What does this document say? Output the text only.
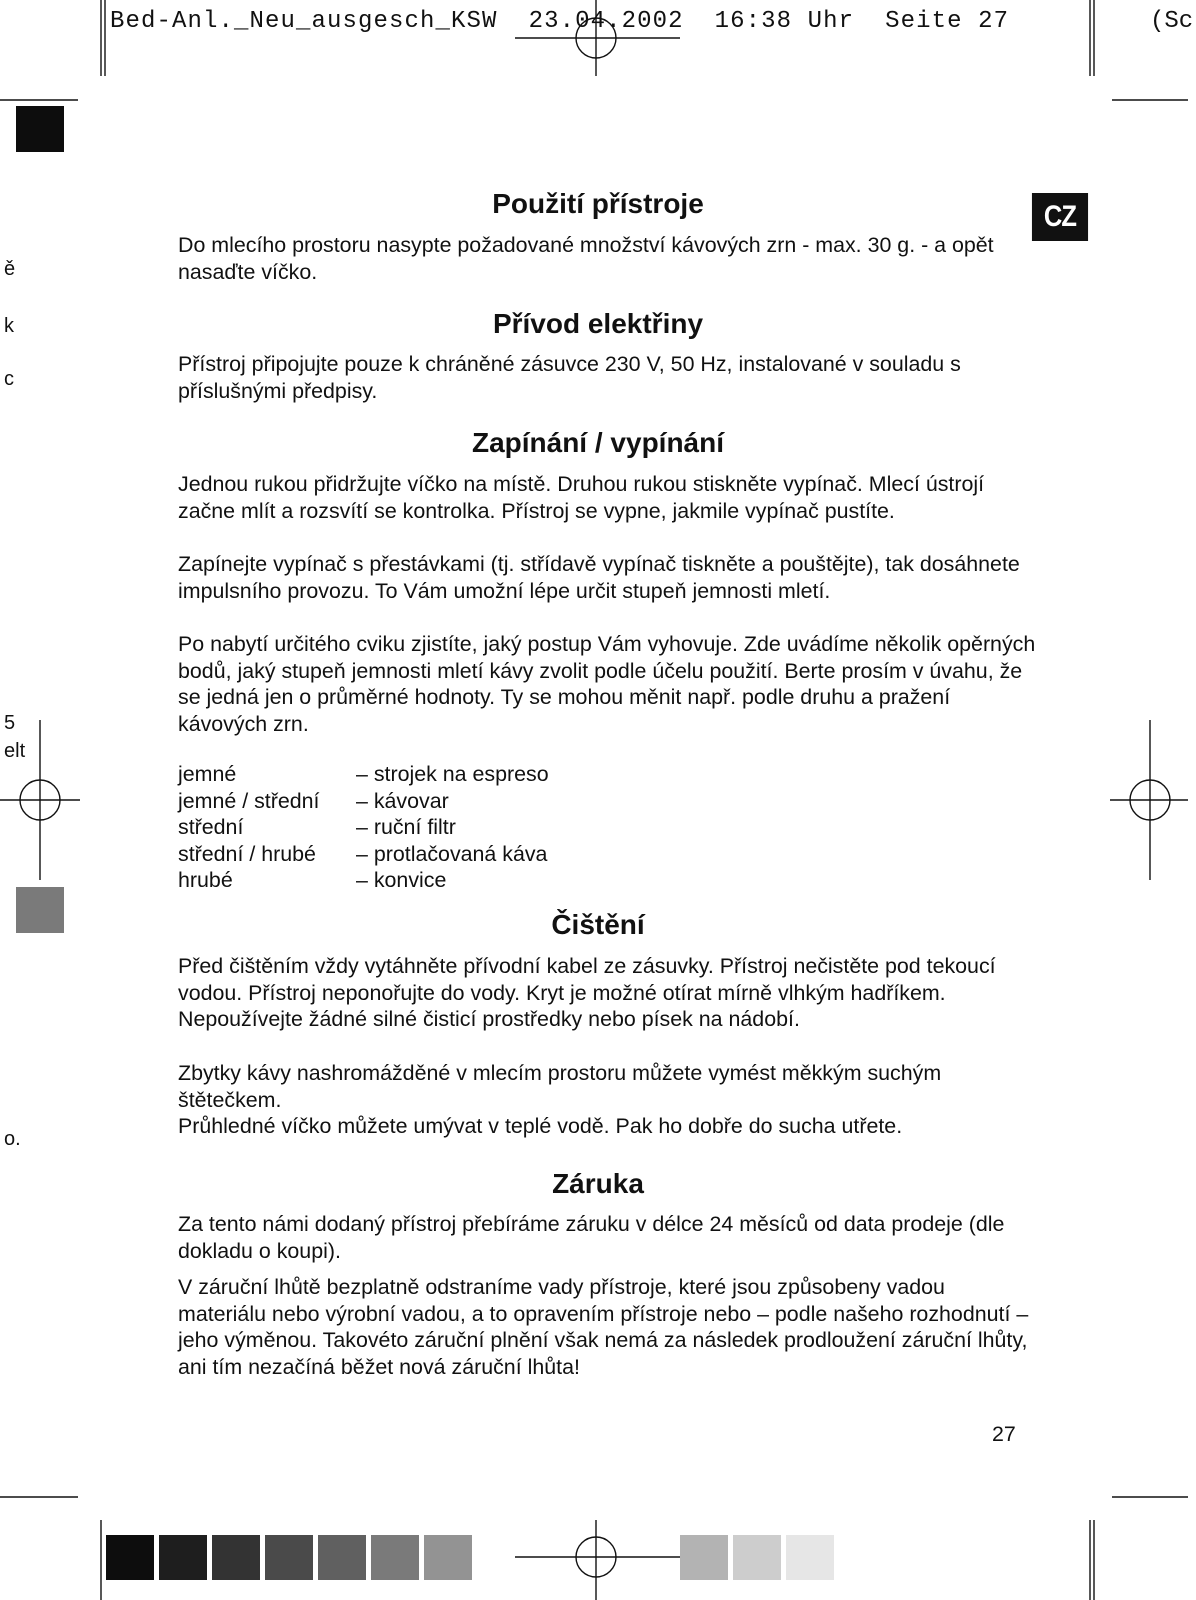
Bed-Anl._Neu_ausgesch_KSW  23.04.2002  16:38 Uhr  Seite 27	(Sc
ě
k
c
5
elt
o.
CZ
Použití přístroje
Do mlecího prostoru nasypte požadované množství kávových zrn - max. 30 g. - a opět nasaďte víčko.
Přívod elektřiny
Přístroj připojujte pouze k chráněné zásuvce 230 V, 50 Hz, instalované v souladu s příslušnými předpisy.
Zapínání / vypínání
Jednou rukou přidržujte víčko na místě. Druhou rukou stiskněte vypínač. Mlecí ústrojí začne mlít a rozsvítí se kontrolka. Přístroj se vypne, jakmile vypínač pustíte.
Zapínejte vypínač s přestávkami (tj. střídavě vypínač tiskněte a pouštějte), tak dosáhnete impulsního provozu. To Vám umožní lépe určit stupeň jemnosti mletí.
Po nabytí určitého cviku zjistíte, jaký postup Vám vyhovuje. Zde uvádíme několik opěrných bodů, jaký stupeň jemnosti mletí kávy zvolit podle účelu použití. Berte prosím v úvahu, že se jedná jen o průměrné hodnoty. Ty se mohou měnit např. podle druhu a pražení kávových zrn.
jemné	– strojek na espreso
jemné / střední	– kávovar
střední	– ruční filtr
střední / hrubé	– protlačovaná káva
hrubé	– konvice
Čištění
Před čištěním vždy vytáhněte přívodní kabel ze zásuvky. Přístroj nečistěte pod tekoucí vodou. Přístroj neponořujte do vody. Kryt je možné otírat mírně vlhkým hadříkem. Nepoužívejte žádné silné čisticí prostředky nebo písek na nádobí.
Zbytky kávy nashromážděné v mlecím prostoru můžete vymést měkkým suchým štětečkem.
Průhledné víčko můžete umývat v teplé vodě. Pak ho dobře do sucha utřete.
Záruka
Za tento námi dodaný přístroj přebíráme záruku v délce 24 měsíců od data prodeje (dle dokladu o koupi).
V záruční lhůtě bezplatně odstraníme vady přístroje, které jsou způsobeny vadou materiálu nebo výrobní vadou, a to opravením přístroje nebo – podle našeho rozhodnutí – jeho výměnou. Takovéto záruční plnění však nemá za následek prodloužení záruční lhůty, ani tím nezačíná běžet nová záruční lhůta!
27
